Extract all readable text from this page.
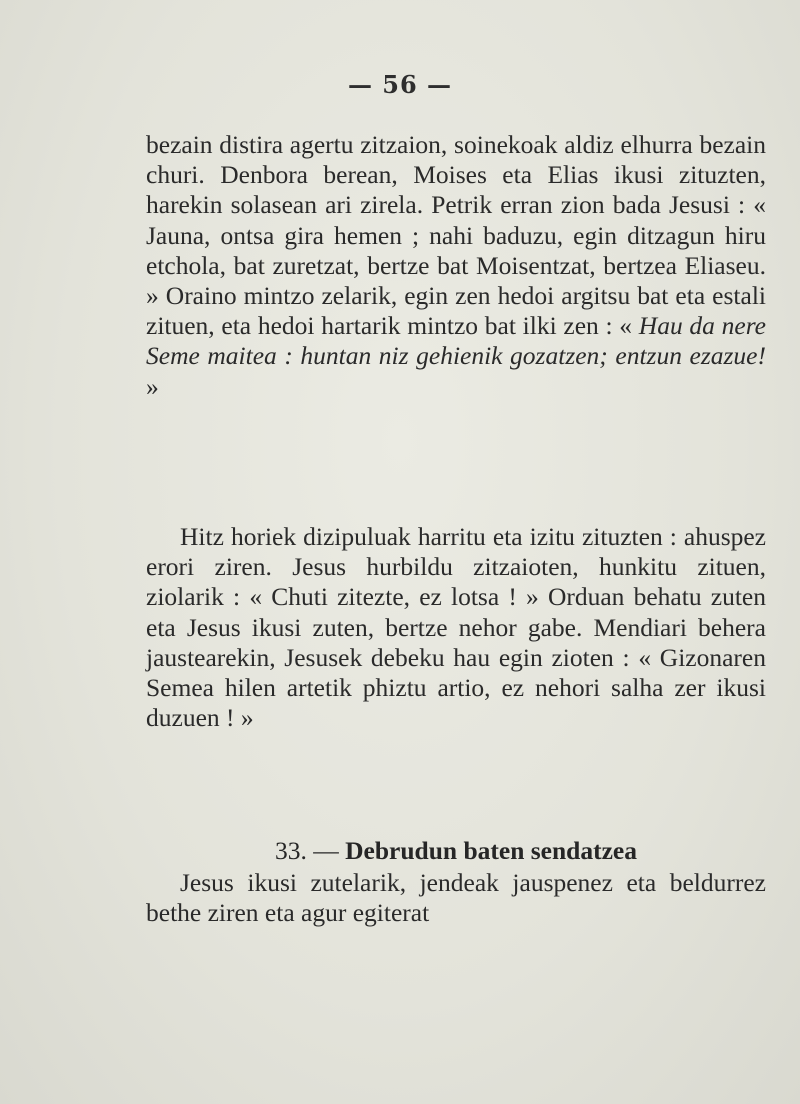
— 56 —

bezain distira agertu zitzaion, soinekoak aldiz elhurra bezain churi. Denbora berean, Moises eta Elias ikusi zituzten, harekin solasean ari zirela. Petrik erran zion bada Jesusi : « Jauna, ontsa gira hemen ; nahi baduzu, egin ditzagun hiru etchola, bat zuretzat, bertze bat Moisentzat, bertzea Eliaseu. » Oraino mintzo zelarik, egin zen hedoi argitsu bat eta estali zituen, eta hedoi hartarik mintzo bat ilki zen : « Hau da nere Seme maitea : huntan niz gehienik gozatzen; entzun ezazue! »

Hitz horiek dizipuluak harritu eta izitu zituzten : ahuspez erori ziren. Jesus hurbildu zitzaioten, hunkitu zituen, ziolarik : « Chuti zitezte, ez lotsa ! » Orduan behatu zuten eta Jesus ikusi zuten, bertze nehor gabe. Mendiari behera jaustearekin, Jesusek debeku hau egin zioten : « Gizonaren Semea hilen artetik phiztu artio, ez nehori salha zer ikusi duzuen ! »

33. — Debrudun baten sendatzea

Jesus ikusi zutelarik, jendeak jauspenez eta beldurrez bethe ziren eta agur egiterat
